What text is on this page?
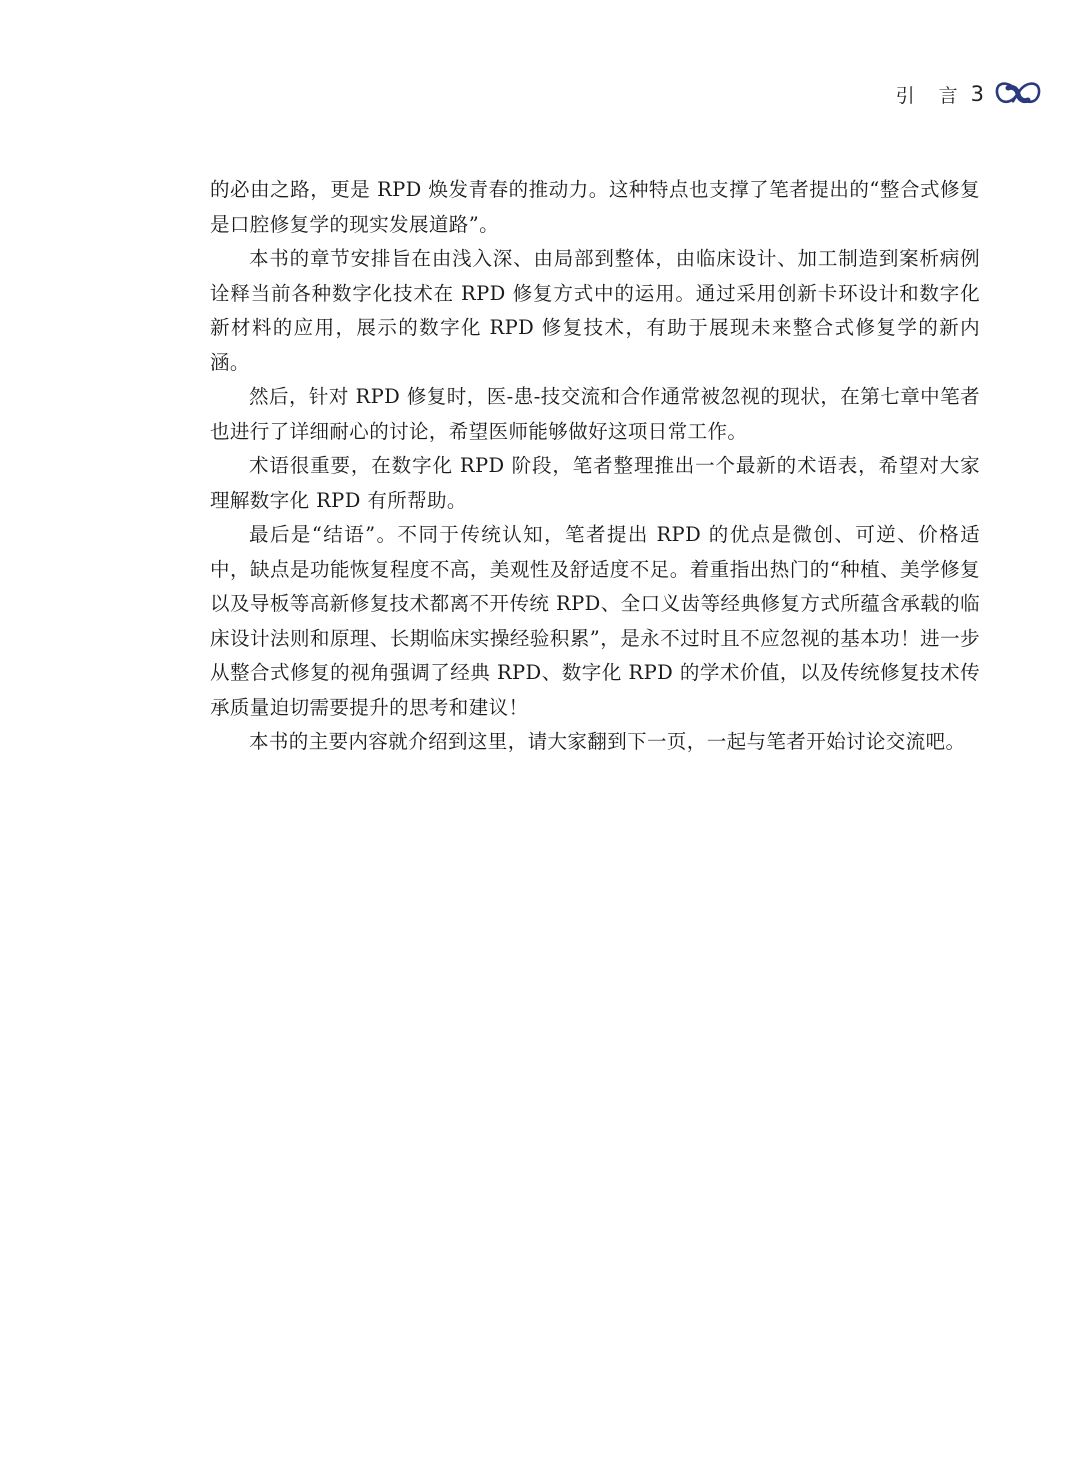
引 言 3

的必由之路，更是 RPD 焕发青春的推动力。这种特点也支撑了笔者提出的“整合式修复是口腔修复学的现实发展道路”。

本书的章节安排旨在由浅入深、由局部到整体，由临床设计、加工制造到案析病例诠释当前各种数字化技术在 RPD 修复方式中的运用。通过采用创新卡环设计和数字化新材料的应用，展示的数字化 RPD 修复技术，有助于展现未来整合式修复学的新内涵。

然后，针对 RPD 修复时，医-患-技交流和合作通常被忽视的现状，在第七章中笔者也进行了详细耐心的讨论，希望医师能够做好这项日常工作。

术语很重要，在数字化 RPD 阶段，笔者整理推出一个最新的术语表，希望对大家理解数字化 RPD 有所帮助。

最后是“结语”。不同于传统认知，笔者提出 RPD 的优点是微创、可逆、价格适中，缺点是功能恢复程度不高，美观性及舒适度不足。着重指出热门的“种植、美学修复以及导板等高新修复技术都离不开传统 RPD、全口义齿等经典修复方式所蕴含承载的临床设计法则和原理、长期临床实操经验积累”，是永不过时且不应忽视的基本功！进一步从整合式修复的视角强调了经典 RPD、数字化 RPD 的学术价值，以及传统修复技术传承质量迫切需要提升的思考和建议！

本书的主要内容就介绍到这里，请大家翻到下一页，一起与笔者开始讨论交流吧。
